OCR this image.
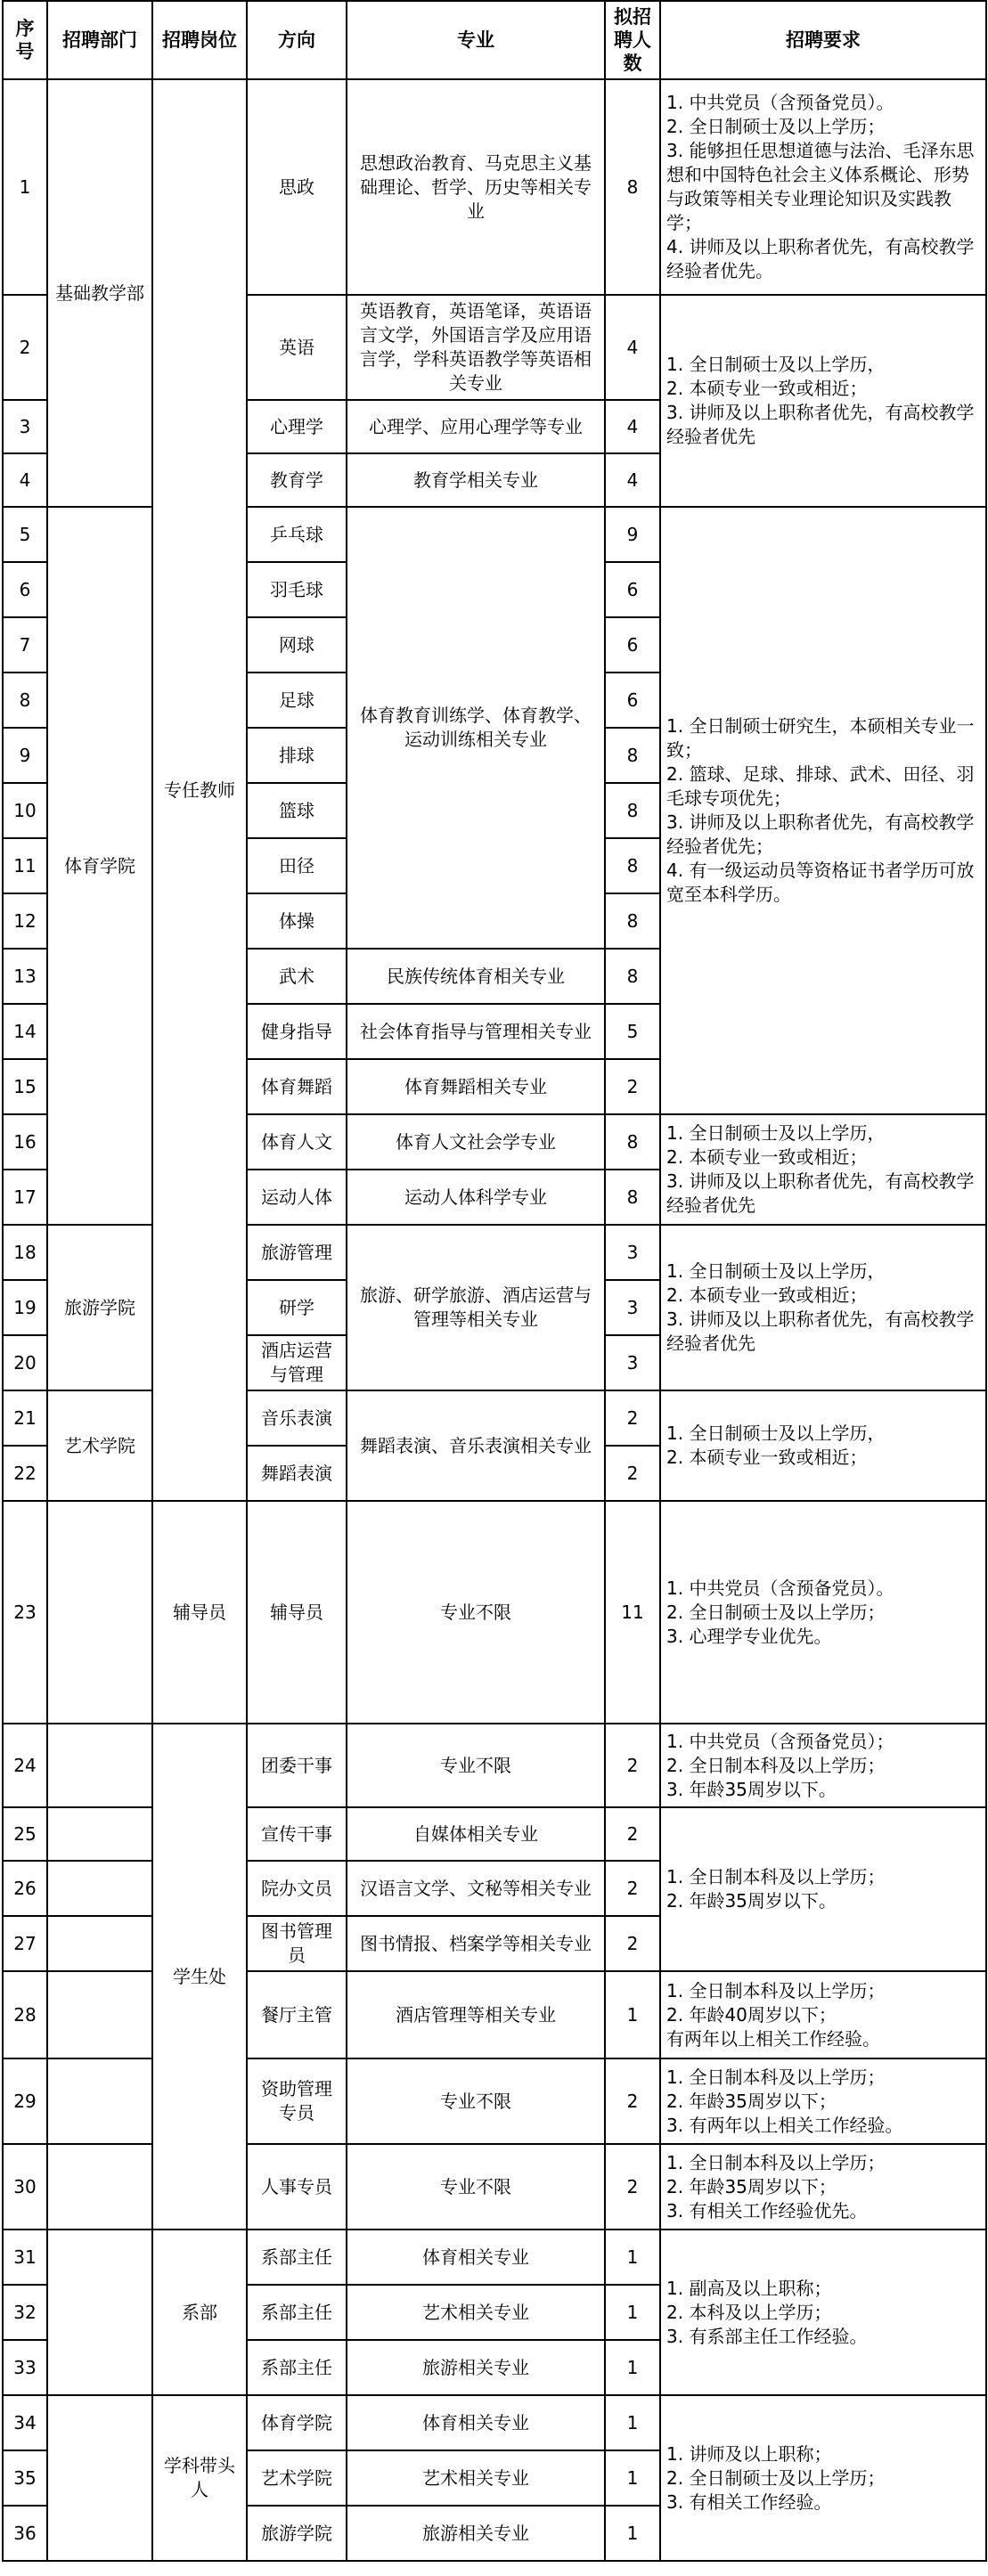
序号	招聘部门	招聘岗位	方向	专业	拟招聘人数	招聘要求
1	基础教学部	专任教师	思政	思想政治教育、马克思主义基础理论、哲学、历史等相关专业	8	1. 中共党员（含预备党员）。

2. 全日制硕士及以上学历；

3. 能够担任思想道德与法治、毛泽东思想和中国特色社会主义体系概论、形势与政策等相关专业理论知识及实践教学；

4. 讲师及以上职称者优先，有高校教学经验者优先。

2			英语	英语教育，英语笔译，英语语言文学，外国语言学及应用语言学，学科英语教学等英语相关专业	4	1. 全日制硕士及以上学历，

2. 本硕专业一致或相近；

3. 讲师及以上职称者优先，有高校教学经验者优先

3			心理学	心理学、应用心理学等专业	4	
4			教育学	教育学相关专业	4	
5	体育学院		乒乓球	体育教育训练学、体育教学、运动训练相关专业	9	1. 全日制硕士研究生，本硕相关专业一致；

2. 篮球、足球、排球、武术、田径、羽毛球专项优先；

3. 讲师及以上职称者优先，有高校教学经验者优先；

4. 有一级运动员等资格证书者学历可放宽至本科学历。

6			羽毛球		6	
7			网球		6	
8			足球		6	
9			排球		8	
10			篮球		8	
11			田径		8	
12			体操		8	
13			武术	民族传统体育相关专业	8	
14			健身指导	社会体育指导与管理相关专业	5	
15			体育舞蹈	体育舞蹈相关专业	2	
16			体育人文	体育人文社会学专业	8	1. 全日制硕士及以上学历，

2. 本硕专业一致或相近；

3. 讲师及以上职称者优先，有高校教学经验者优先

17			运动人体	运动人体科学专业	8	
18	旅游学院		旅游管理	旅游、研学旅游、酒店运营与管理等相关专业	3	1. 全日制硕士及以上学历，

2. 本硕专业一致或相近；

3. 讲师及以上职称者优先，有高校教学经验者优先

19			研学		3	
20			酒店运营与管理		3	
21	艺术学院		音乐表演	舞蹈表演、音乐表演相关专业	2	1. 全日制硕士及以上学历，

2. 本硕专业一致或相近；

22			舞蹈表演		2	
23		辅导员	辅导员	专业不限	11	1. 中共党员（含预备党员）。

2. 全日制硕士及以上学历；

3. 心理学专业优先。

24		学生处	团委干事	专业不限	2	1. 中共党员（含预备党员）；

2. 全日制本科及以上学历；

3. 年龄35周岁以下。

25			宣传干事	自媒体相关专业	2	1. 全日制本科及以上学历；

2. 年龄35周岁以下。

26			院办文员	汉语言文学、文秘等相关专业	2	
27			图书管理员	图书情报、档案学等相关专业	2	
28			餐厅主管	酒店管理等相关专业	1	1. 全日制本科及以上学历；

2. 年龄40周岁以下；

有两年以上相关工作经验。

29			资助管理专员	专业不限	2	1. 全日制本科及以上学历；

2. 年龄35周岁以下；

3. 有两年以上相关工作经验。

30			人事专员	专业不限	2	1. 全日制本科及以上学历；

2. 年龄35周岁以下；

3. 有相关工作经验优先。

31		系部	系部主任	体育相关专业	1	1. 副高及以上职称；

2. 本科及以上学历；

3. 有系部主任工作经验。

32			系部主任	艺术相关专业	1	
33			系部主任	旅游相关专业	1	
34		学科带头人	体育学院	体育相关专业	1	1. 讲师及以上职称；

2. 全日制硕士及以上学历；

3. 有相关工作经验。

35			艺术学院	艺术相关专业	1	
36			旅游学院	旅游相关专业	1	
